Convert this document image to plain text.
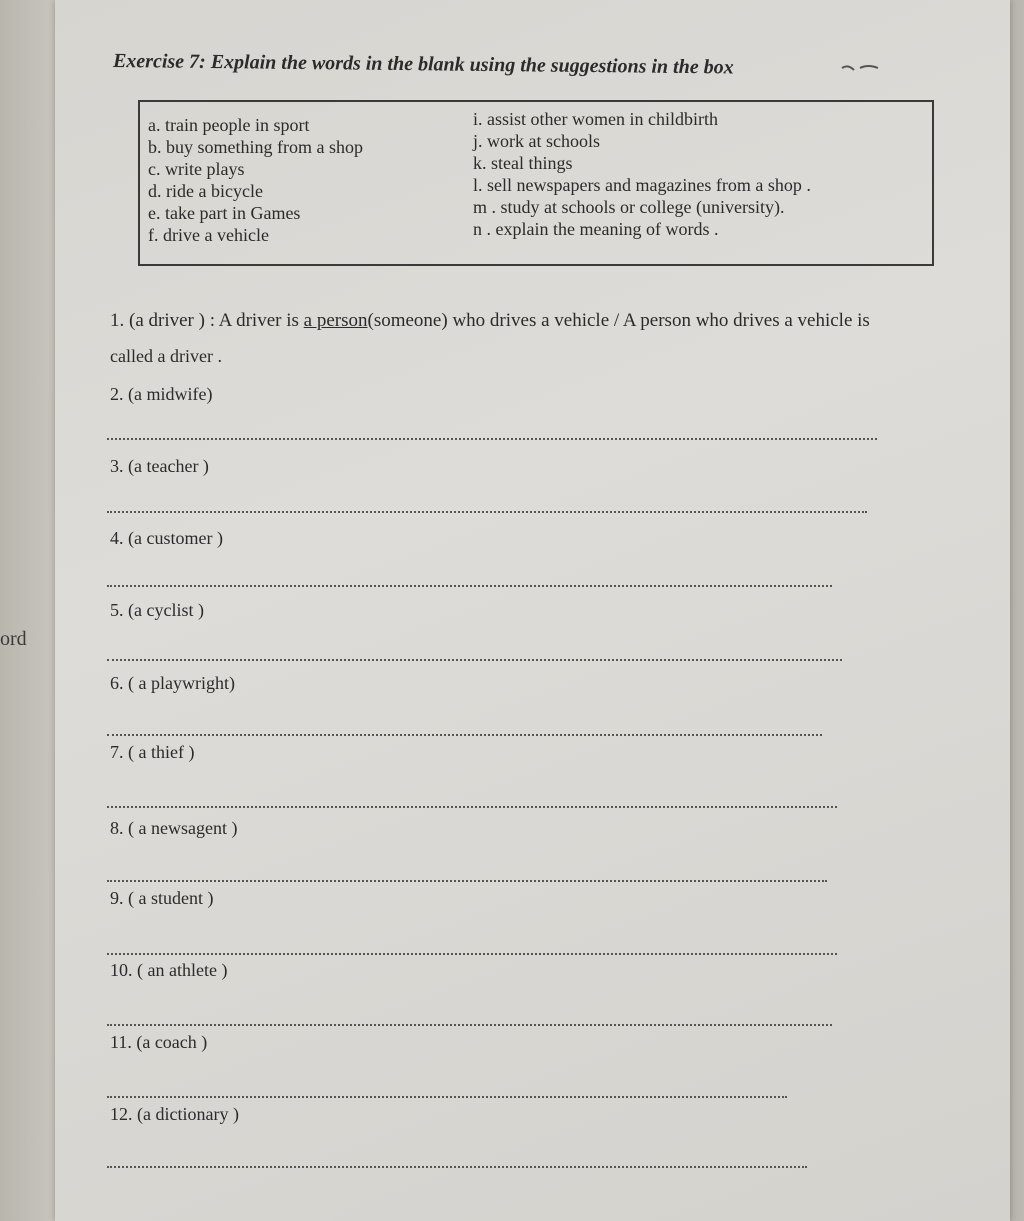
ord
Exercise 7: Explain the words in the blank using the suggestions in the box
a. train people in sport
b. buy something from a shop
c. write plays
d. ride a bicycle
e. take part in Games
f. drive a vehicle
i. assist other women in childbirth
j. work at schools
k. steal things
l. sell newspapers and magazines from a shop .
m . study at schools or college (university).
n . explain the meaning of words .
1. (a driver ) : A driver is a person(someone) who drives a vehicle / A person who drives a vehicle is
called a driver .
2. (a midwife)
3. (a teacher )
4. (a customer )
5. (a cyclist )
6. ( a playwright)
7. ( a thief )
8. ( a newsagent )
9. ( a student )
10. ( an athlete )
11. (a coach )
12. (a dictionary )
